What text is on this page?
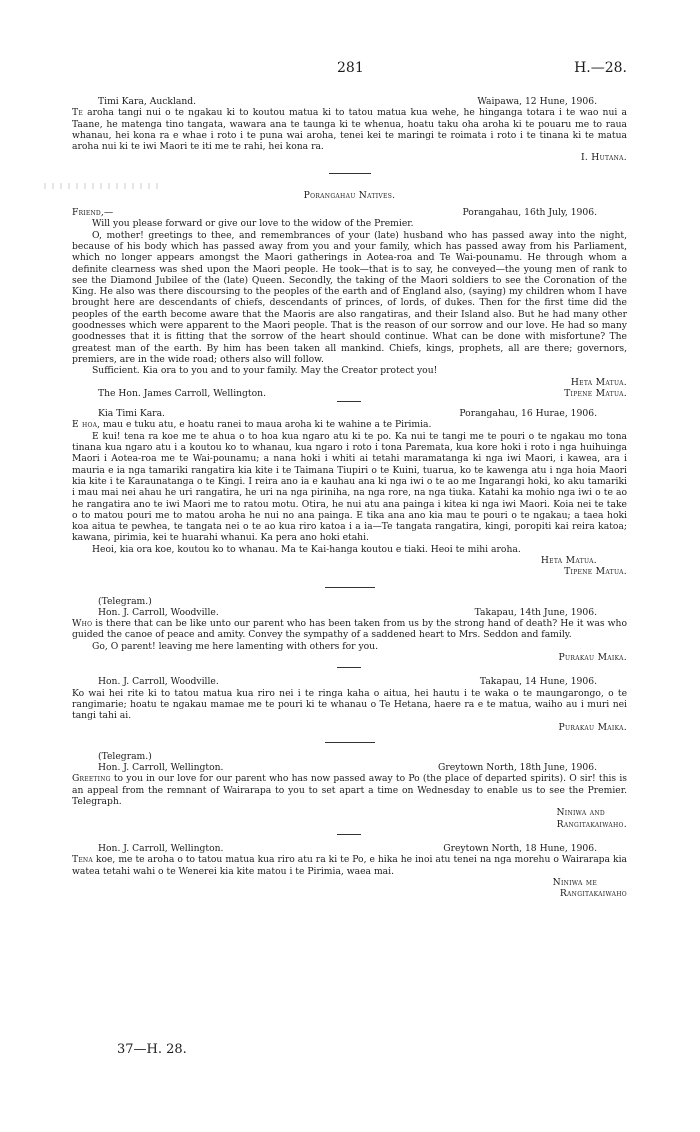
281	H.—28.
Timi Kara, Auckland.	Waipawa, 12 Hune, 1906.

Te aroha tangi nui o te ngakau ki to koutou matua ki to tatou matua kua wehe, he hinganga totara i te wao nui a Taane, he matenga tino tangata, wawara ana te taunga ki te whenua, hoatu taku oha aroha ki te pouaru me to raua whanau, hei kona ra e whae i roto i te puna wai aroha, tenei kei te maringi te roimata i roto i te tinana ki te matua aroha nui ki te iwi Maori te iti me te rahi, hei kona ra.

I. Hutana.
Porangahau Natives.
Friend,—	Porangahau, 16th July, 1906.
Will you please forward or give our love to the widow of the Premier.

O, mother! greetings to thee, and remembrances of your (late) husband who has passed away into the night, because of his body which has passed away from you and your family, which has passed away from his Parliament, which no longer appears amongst the Maori gatherings in Aotea-roa and Te Wai-pounamu. He through whom a definite clearness was shed upon the Maori people. He took—that is to say, he conveyed—the young men of rank to see the Diamond Jubilee of the (late) Queen. Secondly, the taking of the Maori soldiers to see the Coronation of the King. He also was there discoursing to the peoples of the earth and of England also, (saying) my children whom I have brought here are descendants of chiefs, descendants of princes, of lords, of dukes. Then for the first time did the peoples of the earth become aware that the Maoris are also rangatiras, and their Island also. But he had many other goodnesses which were apparent to the Maori people. That is the reason of our sorrow and our love. He had so many goodnesses that it is fitting that the sorrow of the heart should continue. What can be done with misfortune? The greatest man of the earth. By him has been taken all mankind. Chiefs, kings, prophets, all are there; governors, premiers, are in the wide road; others also will follow.

Sufficient. Kia ora to you and to your family. May the Creator protect you!
Heta Matua.
The Hon. James Carroll, Wellington.	Tipene Matua.
Kia Timi Kara.	Porangahau, 16 Hurae, 1906.

E hoa, mau e tuku atu, e hoatu ranei to maua aroha ki te wahine a te Pirimia.

E kui! tena ra koe me te ahua o to hoa kua ngaro atu ki te po. Ka nui te tangi me te pouri o te ngakau mo tona tinana kua ngaro atu i a koutou ko to whanau, kua ngaro i roto i tona Paremata, kua kore hoki i roto i nga huihuinga Maori i Aotea-roa me te Wai-pounamu; a nana hoki i whiti ai tetahi maramatanga ki nga iwi Maori, i kawea, ara i mauria e ia nga tamariki rangatira kia kite i te Taimana Tiupiri o te Kuini, tuarua, ko te kawenga atu i nga hoia Maori kia kite i te Karaunatanga o te Kingi. I reira ano ia e kauhau ana ki nga iwi o te ao me Ingarangi hoki, ko aku tamariki i mau mai nei ahau he uri rangatira, he uri na nga piriniha, na nga rore, na nga tiuka. Katahi ka mohio nga iwi o te ao he rangatira ano te iwi Maori me to ratou motu. Otira, he nui atu ana painga i kitea ki nga iwi Maori. Koia nei te take o to matou pouri me to matou aroha he nui no ana painga. E tika ana ano kia mau te pouri o te ngakau; a taea hoki koa aitua te pewhea, te tangata nei o te ao kua riro katoa i a ia—Te tangata rangatira, kingi, poropiti kai reira katoa; kawana, pirimia, kei te huarahi whanui. Ka pera ano hoki etahi.

Heoi, kia ora koe, koutou ko to whanau. Ma te Kai-hanga koutou e tiaki. Heoi te mihi aroha.
Heta Matua.
Tipene Matua.
(Telegram.)
Hon. J. Carroll, Woodville.	Takapau, 14th June, 1906.

Who is there that can be like unto our parent who has been taken from us by the strong hand of death? He it was who guided the canoe of peace and amity. Convey the sympathy of a saddened heart to Mrs. Seddon and family.

Go, O parent! leaving me here lamenting with others for you.
Purakau Maika.
Hon. J. Carroll, Woodville.	Takapau, 14 Hune, 1906.

Ko wai hei rite ki to tatou matua kua riro nei i te ringa kaha o aitua, hei hautu i te waka o te maungarongo, o te rangimarie; hoatu te ngakau mamae me te pouri ki te whanau o Te Hetana, haere ra e te matua, waiho au i muri nei tangi tahi ai.

Purakau Maika.
(Telegram.)
Hon. J. Carroll, Wellington.	Greytown North, 18th June, 1906.

Greeting to you in our love for our parent who has now passed away to Po (the place of departed spirits). O sir! this is an appeal from the remnant of Wairarapa to you to set apart a time on Wednesday to enable us to see the Premier. Telegraph.

Niniwa and
Rangitakaiwaho.
Hon. J. Carroll, Wellington.	Greytown North, 18 Hune, 1906.

Tena koe, me te aroha o to tatou matua kua riro atu ra ki te Po, e hika he inoi atu tenei na nga morehu o Wairarapa kia watea tetahi wahi o te Wenerei kia kite matou i te Pirimia, waea mai.

Niniwa me
Rangitakaiwaho
37—H. 28.
